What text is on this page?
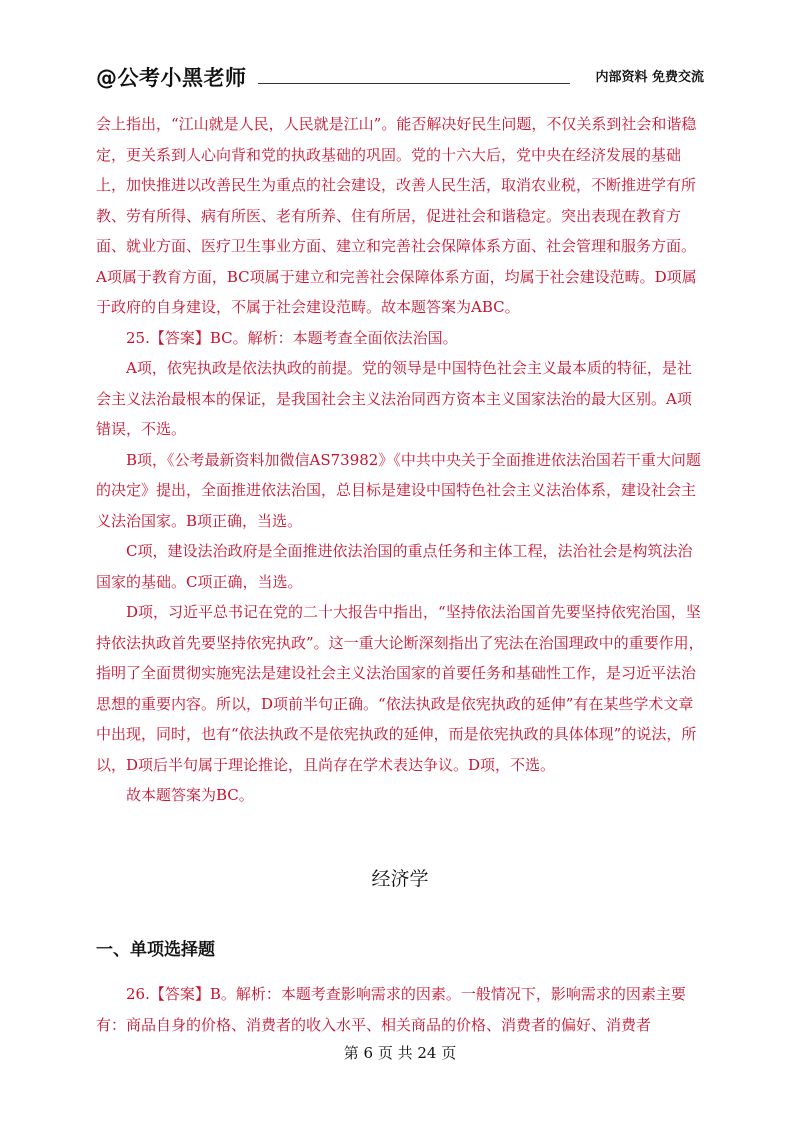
@公考小黑老师	内部资料 免费交流

会上指出，“江山就是人民，人民就是江山”。能否解决好民生问题，不仅关系到社会和谐稳定，更关系到人心向背和党的执政基础的巩固。党的十六大后，党中央在经济发展的基础上，加快推进以改善民生为重点的社会建设，改善人民生活，取消农业税，不断推进学有所教、劳有所得、病有所医、老有所养、住有所居，促进社会和谐稳定。突出表现在教育方面、就业方面、医疗卫生事业方面、建立和完善社会保障体系方面、社会管理和服务方面。A项属于教育方面，BC项属于建立和完善社会保障体系方面，均属于社会建设范畴。D项属于政府的自身建设，不属于社会建设范畴。故本题答案为ABC。

25.【答案】BC。解析：本题考查全面依法治国。

A项，依宪执政是依法执政的前提。党的领导是中国特色社会主义最本质的特征，是社会主义法治最根本的保证，是我国社会主义法治同西方资本主义国家法治的最大区别。A项错误，不选。

B项，《公考最新资料加微信AS73982》《中共中央关于全面推进依法治国若干重大问题的决定》提出，全面推进依法治国，总目标是建设中国特色社会主义法治体系，建设社会主义法治国家。B项正确，当选。

C项，建设法治政府是全面推进依法治国的重点任务和主体工程，法治社会是构筑法治国家的基础。C项正确，当选。

D项，习近平总书记在党的二十大报告中指出，“坚持依法治国首先要坚持依宪治国，坚持依法执政首先要坚持依宪执政”。这一重大论断深刻指出了宪法在治国理政中的重要作用，指明了全面贯彻实施宪法是建设社会主义法治国家的首要任务和基础性工作，是习近平法治思想的重要内容。所以，D项前半句正确。“依法执政是依宪执政的延伸”有在某些学术文章中出现，同时，也有“依法执政不是依宪执政的延伸，而是依宪执政的具体体现”的说法，所以，D项后半句属于理论推论，且尚存在学术表达争议。D项，不选。

故本题答案为BC。

经济学
一、单项选择题

26.【答案】B。解析：本题考查影响需求的因素。一般情况下，影响需求的因素主要有：商品自身的价格、消费者的收入水平、相关商品的价格、消费者的偏好、消费者

第 6 页 共 24 页
